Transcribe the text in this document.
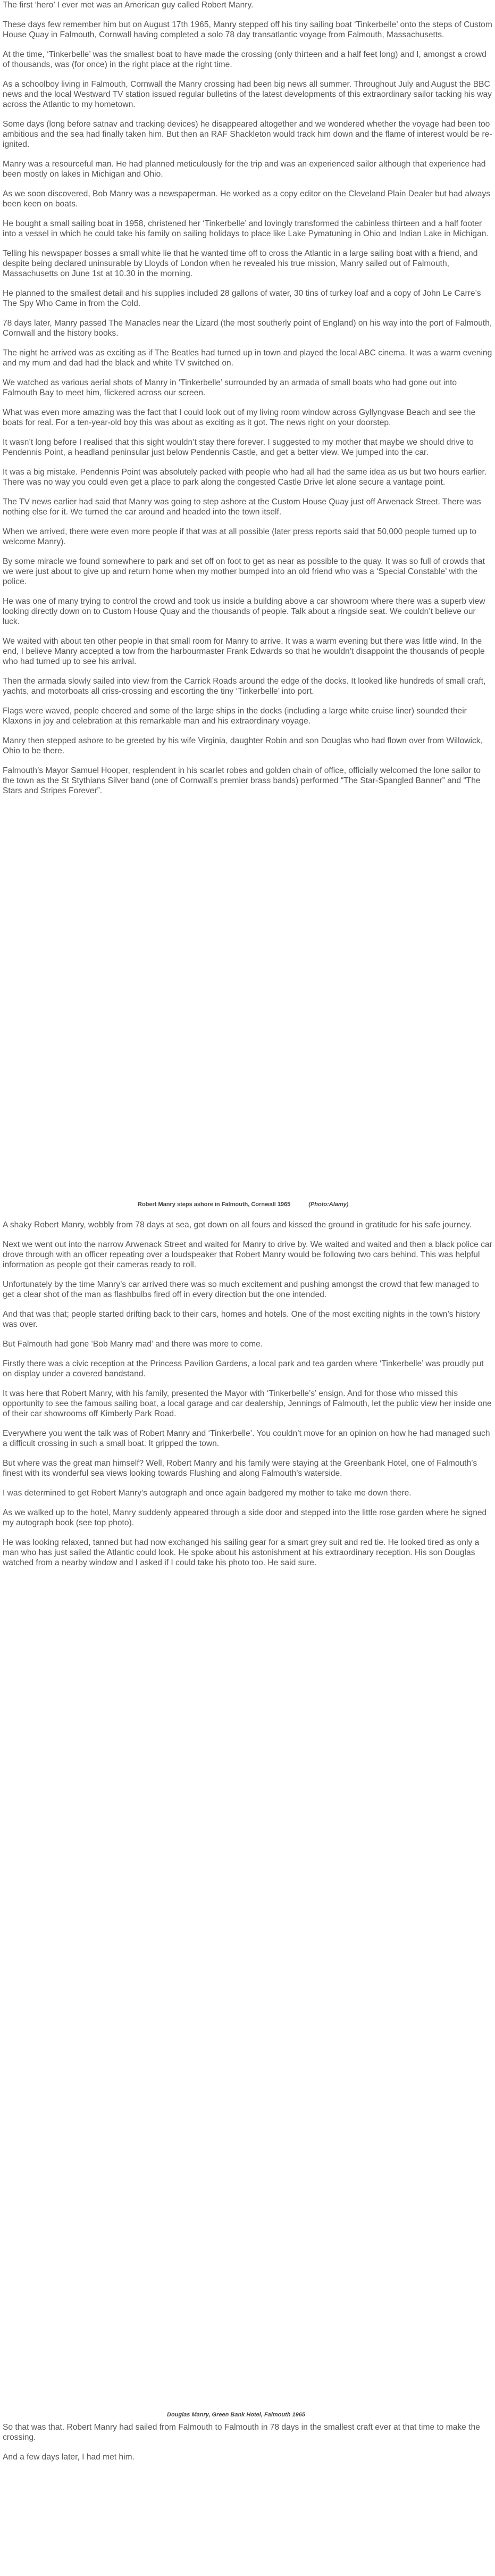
The first ‘hero’ I ever met was an American guy called Robert Manry.

These days few remember him but on August 17th 1965, Manry stepped off his tiny sailing boat ‘Tinkerbelle’ onto the steps of Custom House Quay in Falmouth, Cornwall having completed a solo 78 day transatlantic voyage from Falmouth, Massachusetts.

At the time, ‘Tinkerbelle’ was the smallest boat to have made the crossing (only thirteen and a half feet long) and I, amongst a crowd of thousands, was (for once) in the right place at the right time.

As a schoolboy living in Falmouth, Cornwall the Manry crossing had been big news all summer. Throughout July and August the BBC news and the local Westward TV station issued regular bulletins of the latest developments of this extraordinary sailor tacking his way across the Atlantic to my hometown.

Some days (long before satnav and tracking devices) he disappeared altogether and we wondered whether the voyage had been too ambitious and the sea had finally taken him. But then an RAF Shackleton would track him down and the flame of interest would be re-ignited.

Manry was a resourceful man. He had planned meticulously for the trip and was an experienced sailor although that experience had been mostly on lakes in Michigan and Ohio.

As we soon discovered, Bob Manry was a newspaperman. He worked as a copy editor on the Cleveland Plain Dealer but had always been keen on boats.

He bought a small sailing boat in 1958, christened her ‘Tinkerbelle’ and lovingly transformed the cabinless thirteen and a half footer into a vessel in which he could take his family on sailing holidays to place like Lake Pymatuning in Ohio and Indian Lake in Michigan.

Telling his newspaper bosses a small white lie that he wanted time off to cross the Atlantic in a large sailing boat with a friend, and despite being declared uninsurable by Lloyds of London when he revealed his true mission, Manry sailed out of Falmouth, Massachusetts on June 1st at 10.30 in the morning.

He planned to the smallest detail and his supplies included 28 gallons of water, 30 tins of turkey loaf and a copy of John Le Carre’s The Spy Who Came in from the Cold.

78 days later, Manry passed The Manacles near the Lizard (the most southerly point of England) on his way into the port of Falmouth, Cornwall and the history books.

The night he arrived was as exciting as if The Beatles had turned up in town and played the local ABC cinema. It was a warm evening and my mum and dad had the black and white TV switched on.

We watched as various aerial shots of Manry in ‘Tinkerbelle’ surrounded by an armada of small boats who had gone out into Falmouth Bay to meet him, flickered across our screen.

What was even more amazing was the fact that I could look out of my living room window across Gyllyngvase Beach and see the boats for real. For a ten-year-old boy this was about as exciting as it got. The news right on your doorstep.

It wasn’t long before I realised that this sight wouldn’t stay there forever. I suggested to my mother that maybe we should drive to Pendennis Point, a headland peninsular just below Pendennis Castle, and get a better view. We jumped into the car.

It was a big mistake. Pendennis Point was absolutely packed with people who had all had the same idea as us but two hours earlier. There was no way you could even get a place to park along the congested Castle Drive let alone secure a vantage point.

The TV news earlier had said that Manry was going to step ashore at the Custom House Quay just off Arwenack Street. There was nothing else for it. We turned the car around and headed into the town itself.

When we arrived, there were even more people if that was at all possible (later press reports said that 50,000 people turned up to welcome Manry).

By some miracle we found somewhere to park and set off on foot to get as near as possible to the quay. It was so full of crowds that we were just about to give up and return home when my mother bumped into an old friend who was a ‘Special Constable’ with the police.

He was one of many trying to control the crowd and took us inside a building above a car showroom where there was a superb view looking directly down on to Custom House Quay and the thousands of people. Talk about a ringside seat. We couldn’t believe our luck.

We waited with about ten other people in that small room for Manry to arrive. It was a warm evening but there was little wind. In the end, I believe Manry accepted a tow from the harbourmaster Frank Edwards so that he wouldn’t disappoint the thousands of people who had turned up to see his arrival.

Then the armada slowly sailed into view from the Carrick Roads around the edge of the docks. It looked like hundreds of small craft, yachts, and motorboats all criss-crossing and escorting the tiny ‘Tinkerbelle’ into port.

Flags were waved, people cheered and some of the large ships in the docks (including a large white cruise liner) sounded their Klaxons in joy and celebration at this remarkable man and his extraordinary voyage.

Manry then stepped ashore to be greeted by his wife Virginia, daughter Robin and son Douglas who had flown over from Willowick, Ohio to be there.

Falmouth’s Mayor Samuel Hooper, resplendent in his scarlet robes and golden chain of office, officially welcomed the lone sailor to the town as the St Stythians Silver band (one of Cornwall’s premier brass bands) performed “The Star-Spangled Banner” and “The Stars and Stripes Forever”.

Robert Manry steps ashore in Falmouth, Cornwall 1965	(Photo:Alamy)

A shaky Robert Manry, wobbly from 78 days at sea, got down on all fours and kissed the ground in gratitude for his safe journey.

Next we went out into the narrow Arwenack Street and waited for Manry to drive by. We waited and waited and then a black police car drove through with an officer repeating over a loudspeaker that Robert Manry would be following two cars behind. This was helpful information as people got their cameras ready to roll.

Unfortunately by the time Manry’s car arrived there was so much excitement and pushing amongst the crowd that few managed to get a clear shot of the man as flashbulbs fired off in every direction but the one intended.

And that was that; people started drifting back to their cars, homes and hotels. One of the most exciting nights in the town’s history was over.

But Falmouth had gone ‘Bob Manry mad’ and there was more to come.

Firstly there was a civic reception at the Princess Pavilion Gardens, a local park and tea garden where ‘Tinkerbelle’ was proudly put on display under a covered bandstand.

It was here that Robert Manry, with his family, presented the Mayor with ‘Tinkerbelle’s’ ensign. And for those who missed this opportunity to see the famous sailing boat, a local garage and car dealership, Jennings of Falmouth, let the public view her inside one of their car showrooms off Kimberly Park Road.

Everywhere you went the talk was of Robert Manry and ‘Tinkerbelle’. You couldn’t move for an opinion on how he had managed such a difficult crossing in such a small boat. It gripped the town.

But where was the great man himself? Well, Robert Manry and his family were staying at the Greenbank Hotel, one of Falmouth’s finest with its wonderful sea views looking towards Flushing and along Falmouth’s waterside.

I was determined to get Robert Manry’s autograph and once again badgered my mother to take me down there.

As we walked up to the hotel, Manry suddenly appeared through a side door and stepped into the little rose garden where he signed my autograph book (see top photo).

He was looking relaxed, tanned but had now exchanged his sailing gear for a smart grey suit and red tie. He looked tired as only a man who has just sailed the Atlantic could look. He spoke about his astonishment at his extraordinary reception. His son Douglas watched from a nearby window and I asked if I could take his photo too. He said sure.

Douglas Manry, Green Bank Hotel, Falmouth 1965

So that was that. Robert Manry had sailed from Falmouth to Falmouth in 78 days in the smallest craft ever at that time to make the crossing.

And a few days later, I had met him.
